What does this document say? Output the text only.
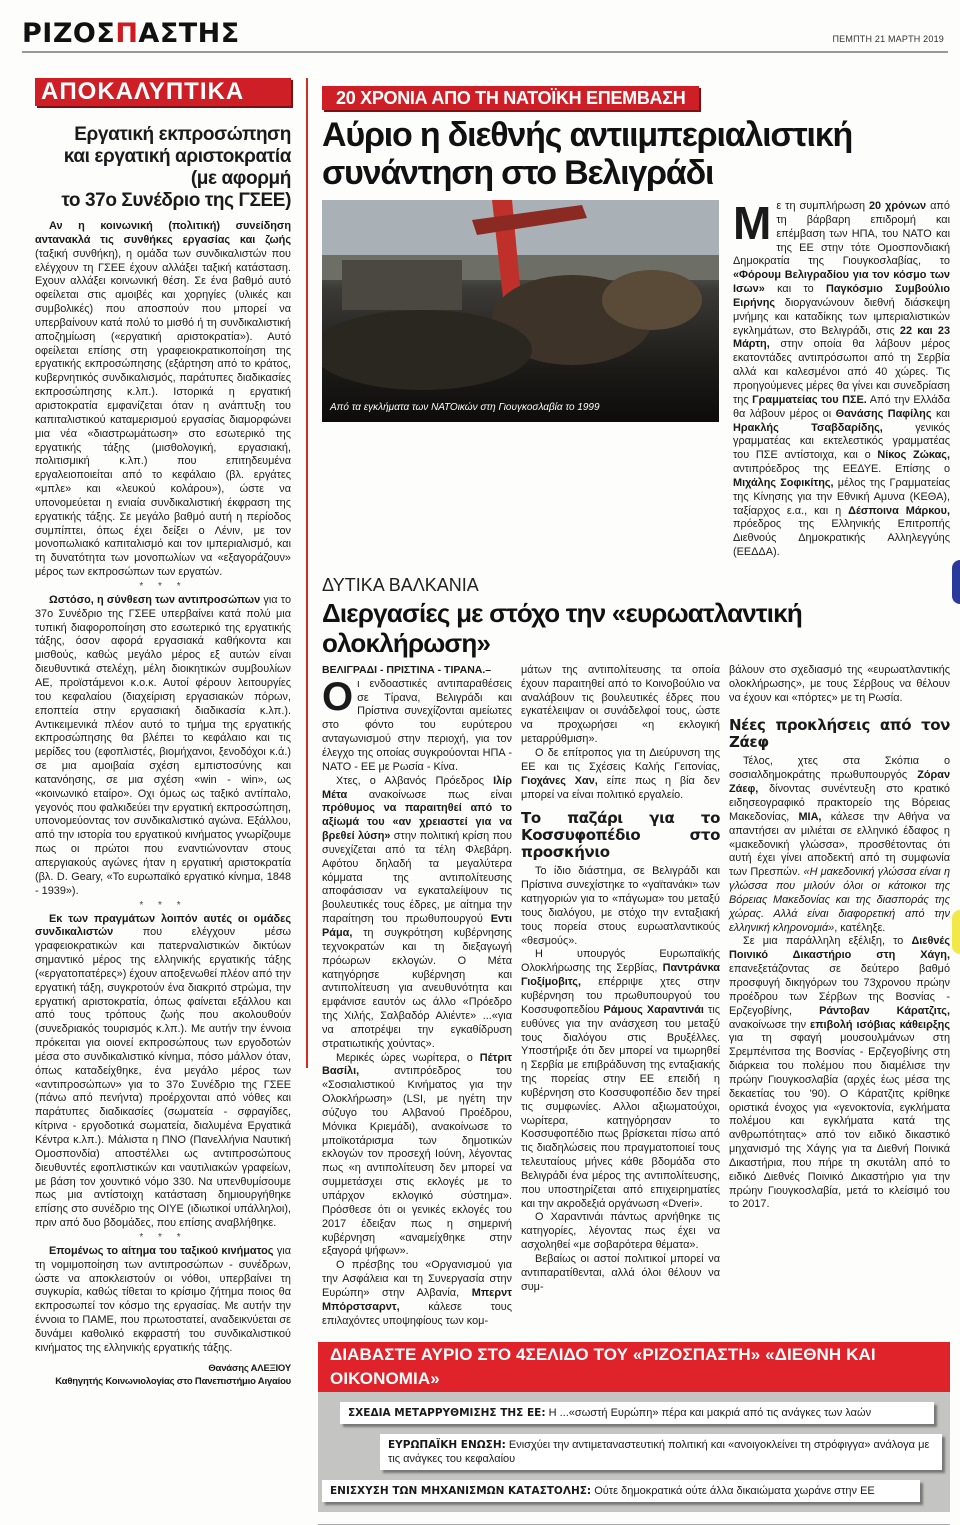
ΡΙΖΟΣΠΑΣΤΗΣ	ΠΕΜΠΤΗ 21 ΜΑΡΤΗ 2019
ΑΠΟΚΑΛΥΠΤΙΚΑ
Εργατική εκπροσώπηση
και εργατική αριστοκρατία
(με αφορμή
το 37ο Συνέδριο της ΓΣΕΕ)

Αν η κοινωνική (πολιτική) συνείδηση αντανακλά τις συνθήκες εργασίας και ζωής (ταξική συνθήκη), η ομάδα των συνδικαλιστών που ελέγχουν τη ΓΣΕΕ έχουν αλλάξει ταξική κατάσταση. Εχουν αλλάξει κοινωνική θέση. Σε ένα βαθμό αυτό οφείλεται στις αμοιβές και χορηγίες (υλικές και συμβολικές) που αποσπούν που μπορεί να υπερβαίνουν κατά πολύ το μισθό ή τη συνδικαλιστική αποζημίωση («εργατική αριστοκρατία»). Αυτό οφείλεται επίσης στη γραφειοκρατικοποίηση της εργατικής εκπροσώπησης (εξάρτηση από το κράτος, κυβερνητικός συνδικαλισμός, παράτυπες διαδικασίες εκπροσώπησης κ.λπ.). Ιστορικά η εργατική αριστοκρατία εμφανίζεται όταν η ανάπτυξη του καπιταλιστικού καταμερισμού εργασίας διαμορφώνει μια νέα «διαστρωμάτωση» στο εσωτερικό της εργατικής τάξης (μισθολογική, εργασιακή, πολιτισμική κ.λπ.) που επιτηδευμένα εργαλειοποιείται από το κεφάλαιο (βλ. εργάτες «μπλε» και «λευκού κολάρου»), ώστε να υπονομεύεται η ενιαία συνδικαλιστική έκφραση της εργατικής τάξης. Σε μεγάλο βαθμό αυτή η περίοδος συμπίπτει, όπως έχει δείξει ο Λένιν, με τον μονοπωλιακό καπιταλισμό και τον ιμπεριαλισμό, και τη δυνατότητα των μονοπωλίων να «εξαγοράζουν» μέρος των εκπροσώπων των εργατών.

* * *

Ωστόσο, η σύνθεση των αντιπροσώπων για το 37ο Συνέδριο της ΓΣΕΕ υπερβαίνει κατά πολύ μια τυπική διαφοροποίηση στο εσωτερικό της εργατικής τάξης, όσον αφορά εργασιακά καθήκοντα και μισθούς, καθώς μεγάλο μέρος εξ αυτών είναι διευθυντικά στελέχη, μέλη διοικητικών συμβουλίων ΑΕ, προϊστάμενοι κ.ο.κ. Αυτοί φέρουν λειτουργίες του κεφαλαίου (διαχείριση εργασιακών πόρων, εποπτεία στην εργασιακή διαδικασία κ.λπ.). Αντικειμενικά πλέον αυτό το τμήμα της εργατικής εκπροσώπησης θα βλέπει το κεφάλαιο και τις μερίδες του (εφοπλιστές, βιομήχανοι, ξενοδόχοι κ.ά.) σε μια αμοιβαία σχέση εμπιστοσύνης και κατανόησης, σε μια σχέση «win - win», ως «κοινωνικό εταίρο». Οχι όμως ως ταξικό αντίπαλο, γεγονός που φαλκιδεύει την εργατική εκπροσώπηση, υπονομεύοντας τον συνδικαλιστικό αγώνα. Εξάλλου, από την ιστορία του εργατικού κινήματος γνωρίζουμε πως οι πρώτοι που εναντιώνονταν στους απεργιακούς αγώνες ήταν η εργατική αριστοκρατία (βλ. D. Geary, «Το ευρωπαϊκό εργατικό κίνημα, 1848 - 1939»).

* * *

Εκ των πραγμάτων λοιπόν αυτές οι ομάδες συνδικαλιστών που ελέγχουν μέσω γραφειοκρατικών και πατερναλιστικών δικτύων σημαντικό μέρος της ελληνικής εργατικής τάξης («εργατοπατέρες») έχουν αποξενωθεί πλέον από την εργατική τάξη, συγκροτούν ένα διακριτό στρώμα, την εργατική αριστοκρατία, όπως φαίνεται εξάλλου και από τους τρόπους ζωής που ακολουθούν (συνεδριακός τουρισμός κ.λπ.). Με αυτήν την έννοια πρόκειται για οιονεί εκπροσώπους των εργοδοτών μέσα στο συνδικαλιστικό κίνημα, πόσο μάλλον όταν, όπως καταδείχθηκε, ένα μεγάλο μέρος των «αντιπροσώπων» για το 37ο Συνέδριο της ΓΣΕΕ (πάνω από πενήντα) προέρχονται από νόθες και παράτυπες διαδικασίες (σωματεία - σφραγίδες, κίτρινα - εργοδοτικά σωματεία, διαλυμένα Εργατικά Κέντρα κ.λπ.). Μάλιστα η ΠΝΟ (Πανελλήνια Ναυτική Ομοσπονδία) αποστέλλει ως αντιπροσώπους διευθυντές εφοπλιστικών και ναυτιλιακών γραφείων, με βάση τον χουντικό νόμο 330. Να υπενθυμίσουμε πως μια αντίστοιχη κατάσταση δημιουργήθηκε επίσης στο συνέδριο της ΟΙΥΕ (ιδιωτικοί υπάλληλοι), πριν από δυο βδομάδες, που επίσης αναβλήθηκε.

* * *

Επομένως το αίτημα του ταξικού κινήματος για τη νομιμοποίηση των αντιπροσώπων - συνέδρων, ώστε να αποκλειστούν οι νόθοι, υπερβαίνει τη συγκυρία, καθώς τίθεται το κρίσιμο ζήτημα ποιος θα εκπροσωπεί τον κόσμο της εργασίας. Με αυτήν την έννοια το ΠΑΜΕ, που πρωτοστατεί, αναδεικνύεται σε δυνάμει καθολικό εκφραστή του συνδικαλιστικού κινήματος της ελληνικής εργατικής τάξης.

Θανάσης ΑΛΕΞΙΟΥ
Καθηγητής Κοινωνιολογίας στο Πανεπιστήμιο Αιγαίου
20 ΧΡΟΝΙΑ ΑΠΟ ΤΗ ΝΑΤΟΪΚΗ ΕΠΕΜΒΑΣΗ
Αύριο η διεθνής αντιιμπεριαλιστική
συνάντηση στο Βελιγράδι
Από τα εγκλήματα των ΝΑΤΟικών στη Γιουγκοσλαβία το 1999
Μ ε τη συμπλήρωση 20 χρόνων από τη βάρβαρη επιδρομή και επέμβαση των ΗΠΑ, του ΝΑΤΟ και της ΕΕ στην τότε Ομοσπονδιακή Δημοκρατία της Γιουγκοσλαβίας, το «Φόρουμ Βελιγραδίου για τον κόσμο των Ισων» και το Παγκόσμιο Συμβούλιο Ειρήνης διοργανώνουν διεθνή διάσκεψη μνήμης και καταδίκης των ιμπεριαλιστικών εγκλημάτων, στο Βελιγράδι, στις 22 και 23 Μάρτη, στην οποία θα λάβουν μέρος εκατοντάδες αντιπρόσωποι από τη Σερβία αλλά και καλεσμένοι από 40 χώρες. Τις προηγούμενες μέρες θα γίνει και συνεδρίαση της Γραμματείας του ΠΣΕ. Από την Ελλάδα θα λάβουν μέρος οι Θανάσης Παφίλης και Ηρακλής Τσαβδαρίδης, γενικός γραμματέας και εκτελεστικός γραμματέας του ΠΣΕ αντίστοιχα, και ο Νίκος Ζώκας, αντιπρόεδρος της ΕΕΔΥΕ. Επίσης ο Μιχάλης Σοφικίτης, μέλος της Γραμματείας της Κίνησης για την Εθνική Αμυνα (ΚΕΘΑ), ταξίαρχος ε.α., και η Δέσποινα Μάρκου, πρόεδρος της Ελληνικής Επιτροπής Διεθνούς Δημοκρατικής Αλληλεγγύης (ΕΕΔΔΑ).

ΔΥΤΙΚΑ ΒΑΛΚΑΝΙΑ
Διεργασίες με στόχο την «ευρωατλαντική ολοκλήρωση»
ΒΕΛΙΓΡΑΔΙ - ΠΡΙΣΤΙΝΑ - ΤΙΡΑΝΑ.–
Ο ι ενδοαστικές αντιπαραθέσεις σε Τίρανα, Βελιγράδι και Πρίστινα συνεχίζονται αμείωτες στο φόντο του ευρύτερου ανταγωνισμού στην περιοχή, για τον έλεγχο της οποίας συγκρούονται ΗΠΑ - ΝΑΤΟ - ΕΕ με Ρωσία - Κίνα.

Χτες, ο Αλβανός Πρόεδρος Ιλίρ Μέτα ανακοίνωσε πως είναι πρόθυμος να παραιτηθεί από το αξίωμά του «αν χρειαστεί για να βρεθεί λύση» στην πολιτική κρίση που συνεχίζεται από τα τέλη Φλεβάρη. Αφότου δηλαδή τα μεγαλύτερα κόμματα της αντιπολίτευσης αποφάσισαν να εγκαταλείψουν τις βουλευτικές τους έδρες, με αίτημα την παραίτηση του πρωθυπουργού Εντι Ράμα, τη συγκρότηση κυβέρνησης τεχνοκρατών και τη διεξαγωγή πρόωρων εκλογών. Ο Μέτα κατηγόρησε κυβέρνηση και αντιπολίτευση για ανευθυνότητα και εμφάνισε εαυτόν ως άλλο «Πρόεδρο της Χιλής, Σαλβαδόρ Αλιέντε» ...«για να αποτρέψει την εγκαθίδρυση στρατιωτικής χούντας».

Μερικές ώρες νωρίτερα, ο Πέτριτ Βασίλι, αντιπρόεδρος του «Σοσιαλιστικού Κινήματος για την Ολοκλήρωση» (LSI, με ηγέτη την σύζυγο του Αλβανού Προέδρου, Μόνικα Κριεμάδι), ανακοίνωσε το μποϊκοτάρισμα των δημοτικών εκλογών τον προσεχή Ιούνη, λέγοντας πως «η αντιπολίτευση δεν μπορεί να συμμετάσχει στις εκλογές με το υπάρχον εκλογικό σύστημα». Πρόσθεσε ότι οι γενικές εκλογές του 2017 έδειξαν πως η σημερινή κυβέρνηση «αναμείχθηκε στην εξαγορά ψήφων».

Ο πρέσβης του «Οργανισμού για την Ασφάλεια και τη Συνεργασία στην Ευρώπη» στην Αλβανία, Μπερντ Μπόρστσαρντ, κάλεσε τους επιλαχόντες υποψηφίους των κομ-

μάτων της αντιπολίτευσης τα οποία έχουν παραιτηθεί από το Κοινοβούλιο να αναλάβουν τις βουλευτικές έδρες που εγκατέλειψαν οι συνάδελφοί τους, ώστε να προχωρήσει «η εκλογική μεταρρύθμιση».

Ο δε επίτροπος για τη Διεύρυνση της ΕΕ και τις Σχέσεις Καλής Γειτονίας, Γιοχάνες Χαν, είπε πως η βία δεν μπορεί να είναι πολιτικό εργαλείο.

Το παζάρι για το Κοσσυφοπέδιο στο προσκήνιο

Το ίδιο διάστημα, σε Βελιγράδι και Πρίστινα συνεχίστηκε το «γαϊτανάκι» των κατηγοριών για το «πάγωμα» του μεταξύ τους διαλόγου, με στόχο την ενταξιακή τους πορεία στους ευρωατλαντικούς «θεσμούς».

Η υπουργός Ευρωπαϊκής Ολοκλήρωσης της Σερβίας, Παντράνκα Γιοξίμοβιτς, επέρριψε χτες στην κυβέρνηση του πρωθυπουργού του Κοσσυφοπεδίου Ράμους Χαραντινάι τις ευθύνες για την ανάσχεση του μεταξύ τους διαλόγου στις Βρυξέλλες. Υποστήριξε ότι δεν μπορεί να τιμωρηθεί η Σερβία με επιβράδυνση της ενταξιακής της πορείας στην ΕΕ επειδή η κυβέρνηση στο Κοσσυφοπέδιο δεν τηρεί τις συμφωνίες. Αλλοι αξιωματούχοι, νωρίτερα, κατηγόρησαν το Κοσσυφοπέδιο πως βρίσκεται πίσω από τις διαδηλώσεις που πραγματοποιεί τους τελευταίους μήνες κάθε βδομάδα στο Βελιγράδι ένα μέρος της αντιπολίτευσης, που υποστηρίζεται από επιχειρηματίες και την ακροδεξιά οργάνωση «Dveri».

Ο Χαραντινάι πάντως αρνήθηκε τις κατηγορίες, λέγοντας πως έχει να ασχοληθεί «με σοβαρότερα θέματα».

Βεβαίως οι αστοί πολιτικοί μπορεί να αντιπαρατίθενται, αλλά όλοι θέλουν να συμ-

βάλουν στο σχεδιασμό της «ευρωατλαντικής ολοκλήρωσης», με τους Σέρβους να θέλουν να έχουν και «πόρτες» με τη Ρωσία.

Νέες προκλήσεις από τον Ζάεφ

Τέλος, χτες στα Σκόπια ο σοσιαλδημοκράτης πρωθυπουργός Ζόραν Ζάεφ, δίνοντας συνέντευξη στο κρατικό ειδησεογραφικό πρακτορείο της Βόρειας Μακεδονίας, ΜΙΑ, κάλεσε την Αθήνα να απαντήσει αν μιλιέται σε ελληνικό έδαφος η «μακεδονική γλώσσα», προσθέτοντας ότι αυτή έχει γίνει αποδεκτή από τη συμφωνία των Πρεσπών. «Η μακεδονική γλώσσα είναι η γλώσσα που μιλούν όλοι οι κάτοικοι της Βόρειας Μακεδονίας και της διασποράς της χώρας. Αλλά είναι διαφορετική από την ελληνική κληρονομιά», κατέληξε.

Σε μια παράλληλη εξέλιξη, το Διεθνές Ποινικό Δικαστήριο στη Χάγη, επανεξετάζοντας σε δεύτερο βαθμό προσφυγή δικηγόρων του 73χρονου πρώην προέδρου των Σέρβων της Βοσνίας - Ερζεγοβίνης, Ράντοβαν Κάρατζιτς, ανακοίνωσε την επιβολή ισόβιας κάθειρξης για τη σφαγή μουσουλμάνων στη Σρεμπένιτσα της Βοσνίας - Ερζεγοβίνης στη διάρκεια του πολέμου που διαμέλισε την πρώην Γιουγκοσλαβία (αρχές έως μέσα της δεκαετίας του '90). Ο Κάρατζιτς κρίθηκε οριστικά ένοχος για «γενοκτονία, εγκλήματα πολέμου και εγκλήματα κατά της ανθρωπότητας» από τον ειδικό δικαστικό μηχανισμό της Χάγης για τα Διεθνή Ποινικά Δικαστήρια, που πήρε τη σκυτάλη από το ειδικό Διεθνές Ποινικό Δικαστήριο για την πρώην Γιουγκοσλαβία, μετά το κλείσιμό του το 2017.

ΔΙΑΒΑΣΤΕ ΑΥΡΙΟ ΣΤΟ 4ΣΕΛΙΔΟ ΤΟΥ «ΡΙΖΟΣΠΑΣΤΗ» «ΔΙΕΘΝΗ ΚΑΙ ΟΙΚΟΝΟΜΙΑ»
ΣΧΕΔΙΑ ΜΕΤΑΡΡΥΘΜΙΣΗΣ ΤΗΣ ΕΕ: Η ...«σωστή Ευρώπη» πέρα και μακριά από τις ανάγκες των λαών
ΕΥΡΩΠΑΪΚΗ ΕΝΩΣΗ: Ενισχύει την αντιμεταναστευτική πολιτική και «ανοιγοκλείνει τη στρόφιγγα» ανάλογα με τις ανάγκες του κεφαλαίου
ΕΝΙΣΧΥΣΗ ΤΩΝ ΜΗΧΑΝΙΣΜΩΝ ΚΑΤΑΣΤΟΛΗΣ: Ούτε δημοκρατικά ούτε άλλα δικαιώματα χωράνε στην ΕΕ
